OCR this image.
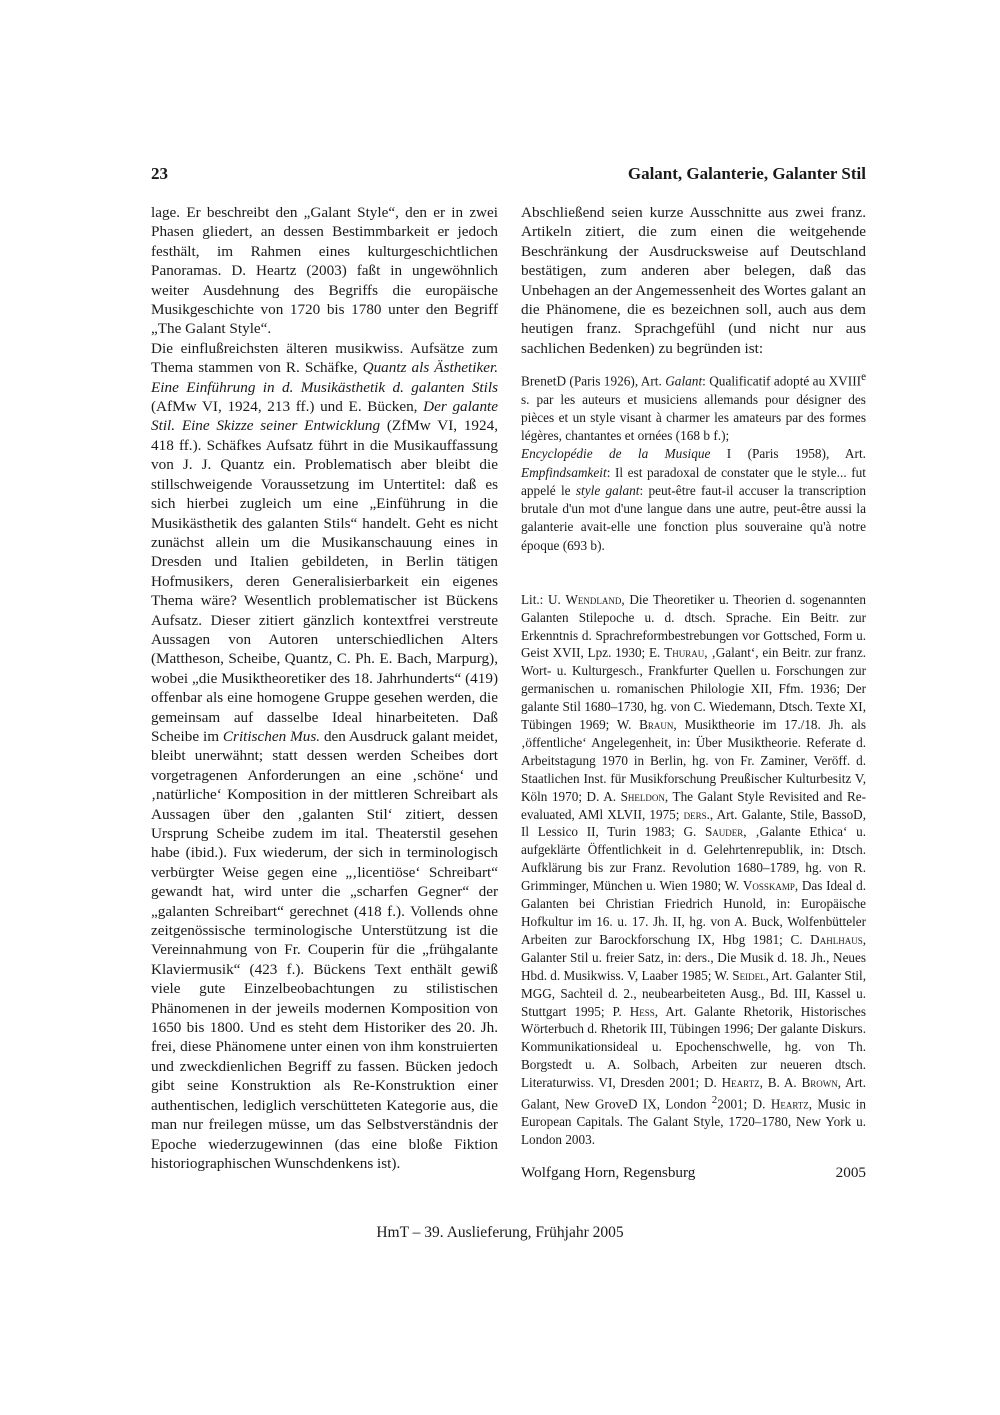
23	Galant, Galanterie, Galanter Stil

lage. Er beschreibt den „Galant Style“, den er in zwei Phasen gliedert, an dessen Bestimmbarkeit er jedoch festhält, im Rahmen eines kulturgeschichtlichen Panoramas. D. Heartz (2003) faßt in ungewöhnlich weiter Ausdehnung des Begriffs die europäische Musikgeschichte von 1720 bis 1780 unter den Begriff „The Galant Style“.

Die einflußreichsten älteren musikwiss. Aufsätze zum Thema stammen von R. Schäfke, Quantz als Ästhetiker. Eine Einführung in d. Musikästhetik d. galanten Stils (AfMw VI, 1924, 213 ff.) und E. Bücken, Der galante Stil. Eine Skizze seiner Entwicklung (ZfMw VI, 1924, 418 ff.). Schäfkes Aufsatz führt in die Musikauffassung von J. J. Quantz ein. Problematisch aber bleibt die stillschweigende Voraussetzung im Untertitel: daß es sich hierbei zugleich um eine „Einführung in die Musikästhetik des galanten Stils“ handelt. Geht es nicht zunächst allein um die Musikanschauung eines in Dresden und Italien gebildeten, in Berlin tätigen Hofmusikers, deren Generalisierbarkeit ein eigenes Thema wäre? Wesentlich problematischer ist Bückens Aufsatz. Dieser zitiert gänzlich kontextfrei verstreute Aussagen von Autoren unterschiedlichen Alters (Mattheson, Scheibe, Quantz, C. Ph. E. Bach, Marpurg), wobei „die Musiktheoretiker des 18. Jahrhunderts“ (419) offenbar als eine homogene Gruppe gesehen werden, die gemeinsam auf dasselbe Ideal hinarbeiteten. Daß Scheibe im Critischen Mus. den Ausdruck galant meidet, bleibt unerwähnt; statt dessen werden Scheibes dort vorgetragenen Anforderungen an eine ‚schöne‘ und ‚natürliche‘ Komposition in der mittleren Schreibart als Aussagen über den ‚galanten Stil‘ zitiert, dessen Ursprung Scheibe zudem im ital. Theaterstil gesehen habe (ibid.). Fux wiederum, der sich in terminologisch verbürgter Weise gegen eine „‚licentiöse‘ Schreibart“ gewandt hat, wird unter die „scharfen Gegner“ der „galanten Schreibart“ gerechnet (418 f.). Vollends ohne zeitgenössische terminologische Unterstützung ist die Vereinnahmung von Fr. Couperin für die „frühgalante Klaviermusik“ (423 f.). Bückens Text enthält gewiß viele gute Einzelbeobachtungen zu stilistischen Phänomenen in der jeweils modernen Komposition von 1650 bis 1800. Und es steht dem Historiker des 20. Jh. frei, diese Phänomene unter einen von ihm konstruierten und zweckdienlichen Begriff zu fassen. Bücken jedoch gibt seine Konstruktion als Re-Konstruktion einer authentischen, lediglich verschütteten Kategorie aus, die man nur freilegen müsse, um das Selbstverständnis der Epoche wiederzugewinnen (das eine bloße Fiktion historiographischen Wunschdenkens ist).

Abschließend seien kurze Ausschnitte aus zwei franz. Artikeln zitiert, die zum einen die weitgehende Beschränkung der Ausdrucksweise auf Deutschland bestätigen, zum anderen aber belegen, daß das Unbehagen an der Angemessenheit des Wortes galant an die Phänomene, die es bezeichnen soll, auch aus dem heutigen franz. Sprachgefühl (und nicht nur aus sachlichen Bedenken) zu begründen ist:

BrenetD (Paris 1926), Art. Galant: Qualificatif adopté au XVIIIe s. par les auteurs et musiciens allemands pour désigner des pièces et un style visant à charmer les amateurs par des formes légères, chantantes et ornées (168 b f.);
Encyclopédie de la Musique I (Paris 1958), Art. Empfindsamkeit: Il est paradoxal de constater que le style... fut appelé le style galant: peut-être faut-il accuser la transcription brutale d'un mot d'une langue dans une autre, peut-être aussi la galanterie avait-elle une fonction plus souveraine qu'à notre époque (693 b).

Lit.: U. Wendland, Die Theoretiker u. Theorien d. sogenannten Galanten Stilepoche u. d. dtsch. Sprache. Ein Beitr. zur Erkenntnis d. Sprachreformbestrebungen vor Gottsched, Form u. Geist XVII, Lpz. 1930; E. Thurau, ‚Galant‘, ein Beitr. zur franz. Wort- u. Kulturgesch., Frankfurter Quellen u. Forschungen zur germanischen u. romanischen Philologie XII, Ffm. 1936; Der galante Stil 1680–1730, hg. von C. Wiedemann, Dtsch. Texte XI, Tübingen 1969; W. Braun, Musiktheorie im 17./18. Jh. als ‚öffentliche‘ Angelegenheit, in: Über Musiktheorie. Referate d. Arbeitstagung 1970 in Berlin, hg. von Fr. Zaminer, Veröff. d. Staatlichen Inst. für Musikforschung Preußischer Kulturbesitz V, Köln 1970; D. A. Sheldon, The Galant Style Revisited and Re-evaluated, AMl XLVII, 1975; ders., Art. Galante, Stile, BassoD, Il Lessico II, Turin 1983; G. Sauder, ‚Galante Ethica‘ u. aufgeklärte Öffentlichkeit in d. Gelehrtenrepublik, in: Dtsch. Aufklärung bis zur Franz. Revolution 1680–1789, hg. von R. Grimminger, München u. Wien 1980; W. Vosskamp, Das Ideal d. Galanten bei Christian Friedrich Hunold, in: Europäische Hofkultur im 16. u. 17. Jh. II, hg. von A. Buck, Wolfenbütteler Arbeiten zur Barockforschung IX, Hbg 1981; C. Dahlhaus, Galanter Stil u. freier Satz, in: ders., Die Musik d. 18. Jh., Neues Hbd. d. Musikwiss. V, Laaber 1985; W. Seidel, Art. Galanter Stil, MGG, Sachteil d. 2., neubearbeiteten Ausg., Bd. III, Kassel u. Stuttgart 1995; P. Hess, Art. Galante Rhetorik, Historisches Wörterbuch d. Rhetorik III, Tübingen 1996; Der galante Diskurs. Kommunikationsideal u. Epochenschwelle, hg. von Th. Borgstedt u. A. Solbach, Arbeiten zur neueren dtsch. Literaturwiss. VI, Dresden 2001; D. Heartz, B. A. Brown, Art. Galant, New GroveD IX, London $^2$2001; D. Heartz, Music in European Capitals. The Galant Style, 1720–1780, New York u. London 2003.

Wolfgang Horn, Regensburg	2005
HmT – 39. Auslieferung, Frühjahr 2005
